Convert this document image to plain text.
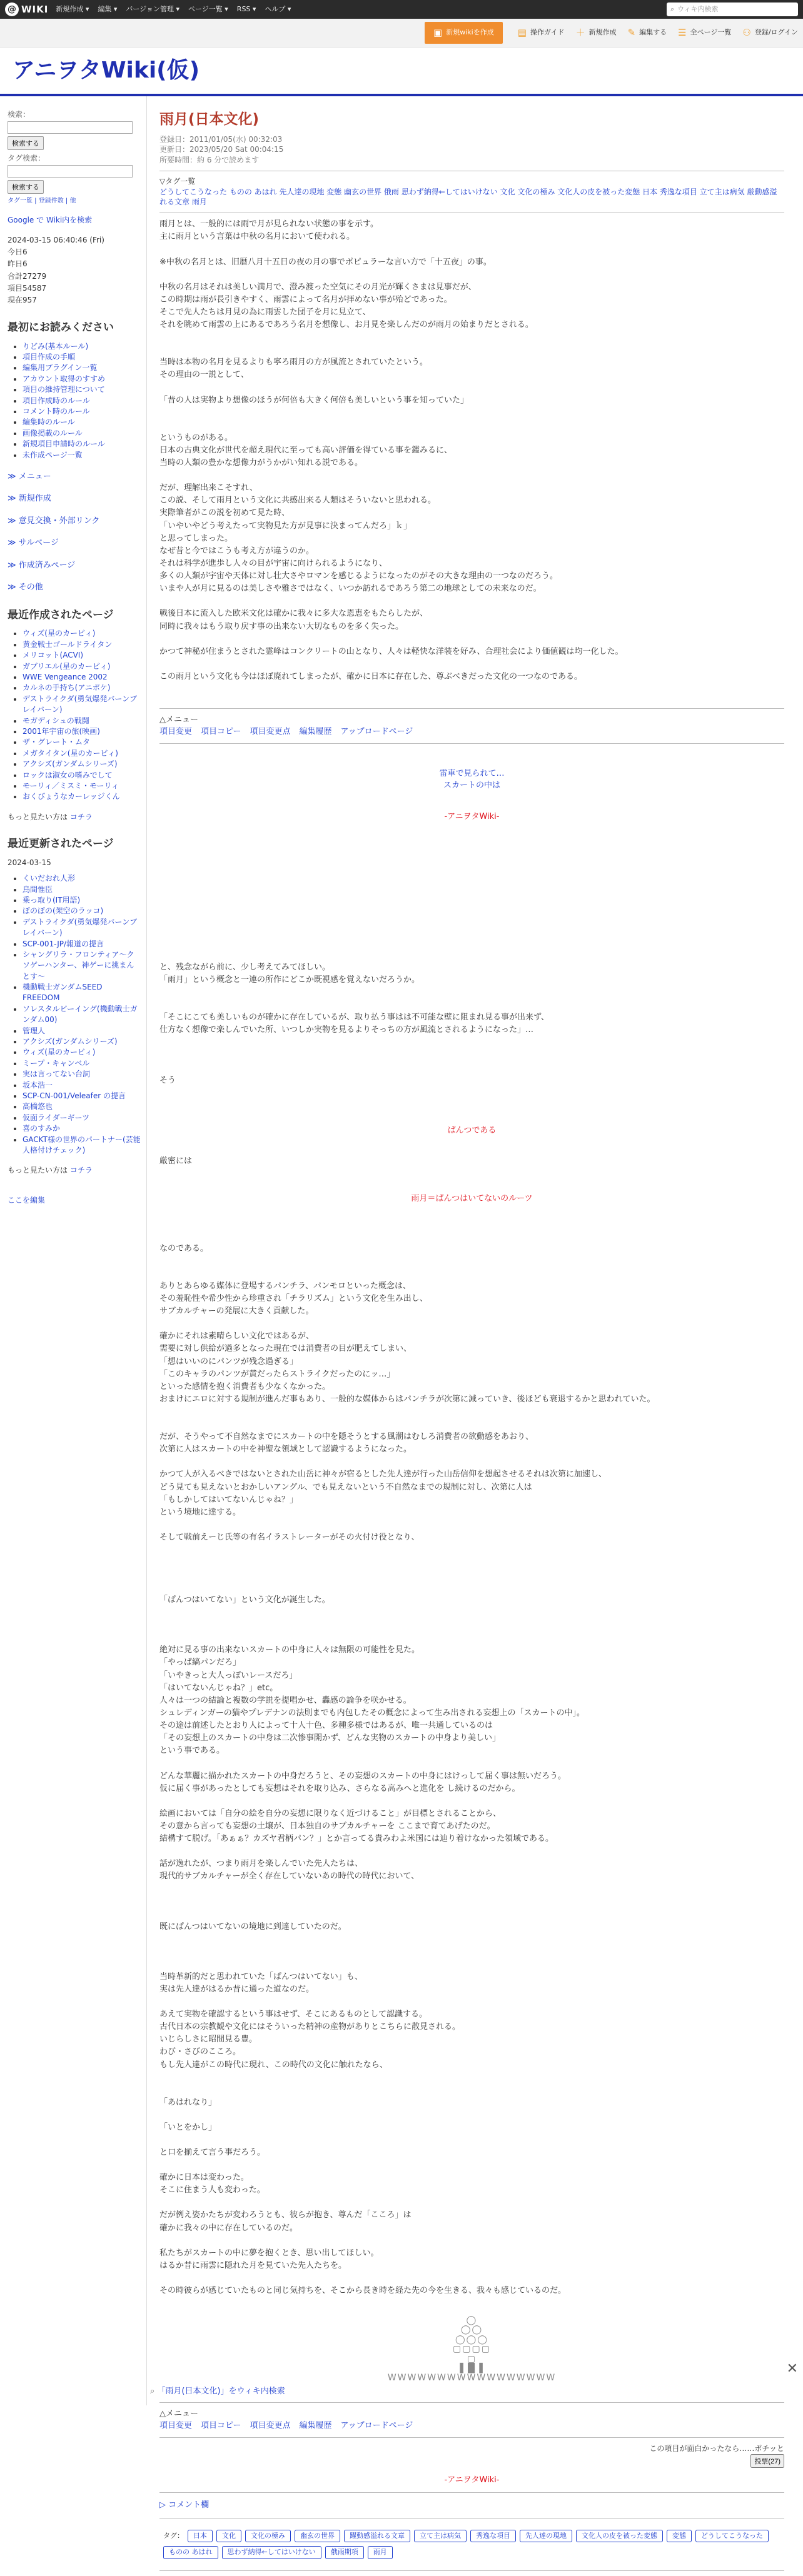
@ WIKI 新規作成 ▾ 編集 ▾ バージョン管理 ▾ ページ一覧 ▾ RSS ▾ ヘルプ ▾	⌕ ウィキ内検索
▣ 新規wikiを作成	▤ 操作ガイド ＋ 新規作成 ✎ 編集する ☰ 全ページ一覧 ⚇ 登録/ログイン
アニヲタWiki(仮)
検索：
検索する
タグ検索：
検索する
タグ一覧 | 登録件数 | 他
Google で Wiki内を検索
2024-03-15 06:40:46 (Fri)
今日6
昨日6
合計27279
項目54587
現在957
最初にお読みください
• りどみ(基本ルール)
• 項目作成の手順
• 編集用プラグイン一覧
• アカウント取得のすすめ
• 項目の維持管理について
• 項目作成時のルール
• コメント時のルール
• 編集時のルール
• 画像掲載のルール
• 新規項目申請時のルール
• 未作成ページ一覧
≫ メニュー
≫ 新規作成
≫ 意見交換・外部リンク
≫ サルベージ
≫ 作成済みページ
≫ その他
最近作成されたページ
• ウィズ(星のカービィ)
• 黄金戦士ゴールドライタン
• メリコット(ACVI)
• ガブリエル(星のカービィ)
• WWE Vengeance 2002
• カルネの手持ち(アニポケ)
• デストライクダ(勇気爆発バーンブレイバーン)
• モガディシュの戦闘
• 2001年宇宙の旅(映画)
• ザ・グレート・ムタ
• メガタイタン(星のカービィ)
• アクシズ(ガンダムシリーズ)
• ロックは淑女の嗜みでして
• モーリィ／ミスミ・モーリィ
• おくびょうなカーレッジくん
もっと見たい方は コチラ
最近更新されたページ
2024-03-15
• くいだおれ人形
• 烏間惟臣
• 乗っ取り(IT用語)
• ぼのぼの(架空のラッコ)
• デストライクダ(勇気爆発バーンブレイバーン)
• SCP-001-JP/報道の提言
• シャングリラ・フロンティア〜クソゲーハンター、神ゲーに挑まんとす〜
• 機動戦士ガンダムSEED FREEDOM
• ソレスタルビーイング(機動戦士ガンダム00)
• 管理人
• アクシズ(ガンダムシリーズ)
• ウィズ(星のカービィ)
• ミープ・キャンベル
• 実は言ってない台詞
• 坂本浩一
• SCP-CN-001/Veleafer の提言
• 高橋悠也
• 仮面ライダーギーツ
• 喜のすみか
• GACKT様の世界のパートナー(芸能人格付けチェック)
もっと見たい方は コチラ
ここを編集
雨月(日本文化)
登録日：2011/01/05(水) 00:32:03
更新日：2023/05/20 Sat 00:04:15
所要時間：約 6 分で読めます
▽タグ一覧
どうしてこうなった ものの あはれ 先人達の現地 変態 幽玄の世界 俄雨 思わず納得←してはいけない 文化 文化の極み 文化人の皮を被った変態 日本 秀逸な項目 立て主は病気 厳動感溢れる文章 雨月

雨月とは、一般的には雨で月が見られない状態の事を示す。

主に雨月という言葉は中秋の名月において使われる。

※中秋の名月とは、旧暦八月十五日の夜の月の事でポピュラーな言い方で「十五夜」の事。

中秋の名月はそれは美しい満月で、澄み渡った空気にその月光が輝くさまは見事だが、

この時期は雨が長引きやすく、雨雲によって名月が拝めない事が殆どであった。

そこで先人たちは月見の為に雨雲した団子を月に見立て、

それを眺めて雨雲の上にあるであろう名月を想像し、お月見を楽しんだのが雨月の始まりだとされる。

当時は本物の名月を見るよりも寧ろ雨月の方が風流とされていたという。

その理由の一説として、

「昔の人は実物より想像のほうが何倍も大きく何倍も美しいという事を知っていた」

というものがある。

日本の古典文化が世代を超え現代に至っても高い評価を得ている事を鑑みるに、

当時の人類の豊かな想像力がうかがい知れる説である。

だが、理解出来こそすれ、

この説、そして雨月という文化に共感出来る人類はそういないと思われる。

実際筆者がこの説を初めて見た時、

「いやいやどう考えたって実物見た方が見事に決まってんだろ」ｋ」

と思ってしまった。

なぜ昔と今ではこうも考え方が違うのか。

それは科学が進歩し人々の目が宇宙に向けられるようになり、

多くの人類が宇宙や天体に対し壮大さやロマンを感じるようになったのがその大きな理由の一つなのだろう。

いまや人が月に見るのは美しさや雅さではなく、いつか訪れるであろう第二の地球としての未来なのだ。

戦後日本に流入した欧米文化は確かに我々に多大な恩恵をもたらしたが、

同時に我々はもう取り戻す事の出来ない大切なものを多く失った。

かつて神秘が住まうとされた霊峰はコンクリートの山となり、人々は軽快な洋装を好み、合理社会により価値観は均一化した。

この雨月という文化も今はほぼ廃れてしまったが、確かに日本に存在した、尊ぶべきだった文化の一つなのである。

△メニュー
項目変更 項目コピー 項目変更点 編集履歴 アップロードページ
雷車で見られて…
スカートの中は
-アニヲタWiki-

と、残念ながら前に、少し考えてみてほしい。

「雨月」という概念と一連の所作にどこか既視感を覚えないだろうか。

「そこにこても美しいものが確かに存在しているが、取り払う事はは不可能な壁に阻まれ見る事が出来ず、

仕方なく想像で楽しんでいた所、いつしか実物を見るよりそっちの方が風流とされるようになった」…

そう

ぱんつである

厳密には

雨月＝ぱんつはいてないのルーツ

なのである。

ありとあらゆる媒体に登場するパンチラ、パンモロといった概念は、

その羞恥性や希少性から珍重され「チラリズム」という文化を生み出し、

サブカルチャーの発展に大きく貢献した。

確かにそれは素晴らしい文化ではあるが、

需要に対し供給が過多となった現在では消費者の目が肥えてしまい、

「想はいいのにパンツが残念過ぎる」

「このキャラのパンツが黄だったらストライクだったのにッ…」

といった感情を抱く消費者も少なくなかった。

おまけにエロに対する規制が進んだ事もあり、一般的な媒体からはパンチラが次第に減っていき、後ほども衰退するかと思われていた。

だが、そうやって不自然なまでにスカートの中を隠そうとする風潮はむしろ消費者の欲動感をあおり、

次第に人はスカートの中を神聖な領域として認識するようになった。

かつて人が入るべきではないとされた山岳に神々が宿るとした先人達が行った山岳信仰を想起させるそれは次第に加速し、

どう見ても見えないとおかしいアングル、でも見えないという不自然なまでの規制に対し、次第に人は

「もしかしてはいてないんじゃね？」

という境地に達する。

そして戦前えーじ氏等の有名イラストレーターがその火付け役となり、

「ぱんつはいてない」という文化が誕生した。

絶対に見る事の出来ないスカートの中身に人々は無限の可能性を見た。

「やっぱ縞パンだろ」

「いやきっと大人っぽいレースだろ」

「はいてないんじゃね？」etc。

人々は一つの結論と複数の学説を提唱かせ、轟感の論争を咲かせる。

シュレディンガーの猫やプレデナンの法則までも内包したその概念によって生み出される妄想上の「スカートの中」。

その途は前述したとおり人によって十人十色、多種多様ではあるが、唯一共通しているのは

「その妄想上のスカートの中身は二次惨事開かず、どんな実物のスカートの中身より美しい」

という事である。

どんな華麗に描かれたスカートの中身だろうと、その妄想のスカートの中身にはけっして届く事は無いだろう。

仮に届く事があったとしても妄想はそれを取り込み、さらなる高みへと進化を し続けるのだから。

絵画においては「自分の絵を自分の妄想に限りなく近づけること」が目標とされることから、

その意から言っても妄想の土壌が、日本独自のサブカルチャーを ここまで育てあげたのだ。

結構すて脱げ。「あぁぁ？カズヤ君柄パン？」とか言ってる貴みわよ米国には辿り着けなかった領域である。

話が逸れたが、つまり雨月を楽しんでいた先人たちは、

現代的サブカルチャーが全く存在していないあの時代の時代において、

既にぱんつはいてないの境地に到達していたのだ。

当時革新的だと思われていた「ぱんつはいてない」も、

実は先人達がはるか昔に通った道なのだ。

あえて実物を確認するという事はせず、そこにあるものとして認識する。

古代日本の宗教観や文化にはそういった精神の産物がありとこちらに散見される。

いじらしさに昭間見る豊。

わび・さびのこころ。

もし先人達がこの時代に現れ、この時代の文化に触れたなら、

「あはれなり」

「いとをかし」

と口を揃えて言う事だろう。

確かに日本は変わった。

そこに住まう人も変わった。

だが例え姿かたちが変わろうとも、彼らが抱き、尊んだ「こころ」は

確かに我々の中に存在しているのだ。

私たちがスカートの中に夢を抱くとき、思い出してほしい。

はるか昔に雨雲に隠れた月を見ていた先人たちを。

その時彼らが感じていたものと同じ気持ちを、そこから長き時を経た先の今を生きる、我々も感じているのだ。

◯
◯◯
◯◯◯
▢▢▢▢
▢
▌█▐
WWWWWWWWWWWWWWWWW
△メニュー
項目変更 項目コピー 項目変更点 編集履歴 アップロードページ
この項目が面白かったなら……ポチッと
投票(27)
-アニヲタWiki-
▷ コメント欄
タグ：	日本	文化	文化の極み	幽玄の世界	躍動感溢れる文章	立て主は病気	秀逸な項目	先人達の現地	文化人の皮を被った変態	変態	どうしてこうなった
ものの あはれ	思わず納得←してはいけない	俄雨期項	雨月
⌕ 「雨月(日本文化)」をウィキ内検索
✕
